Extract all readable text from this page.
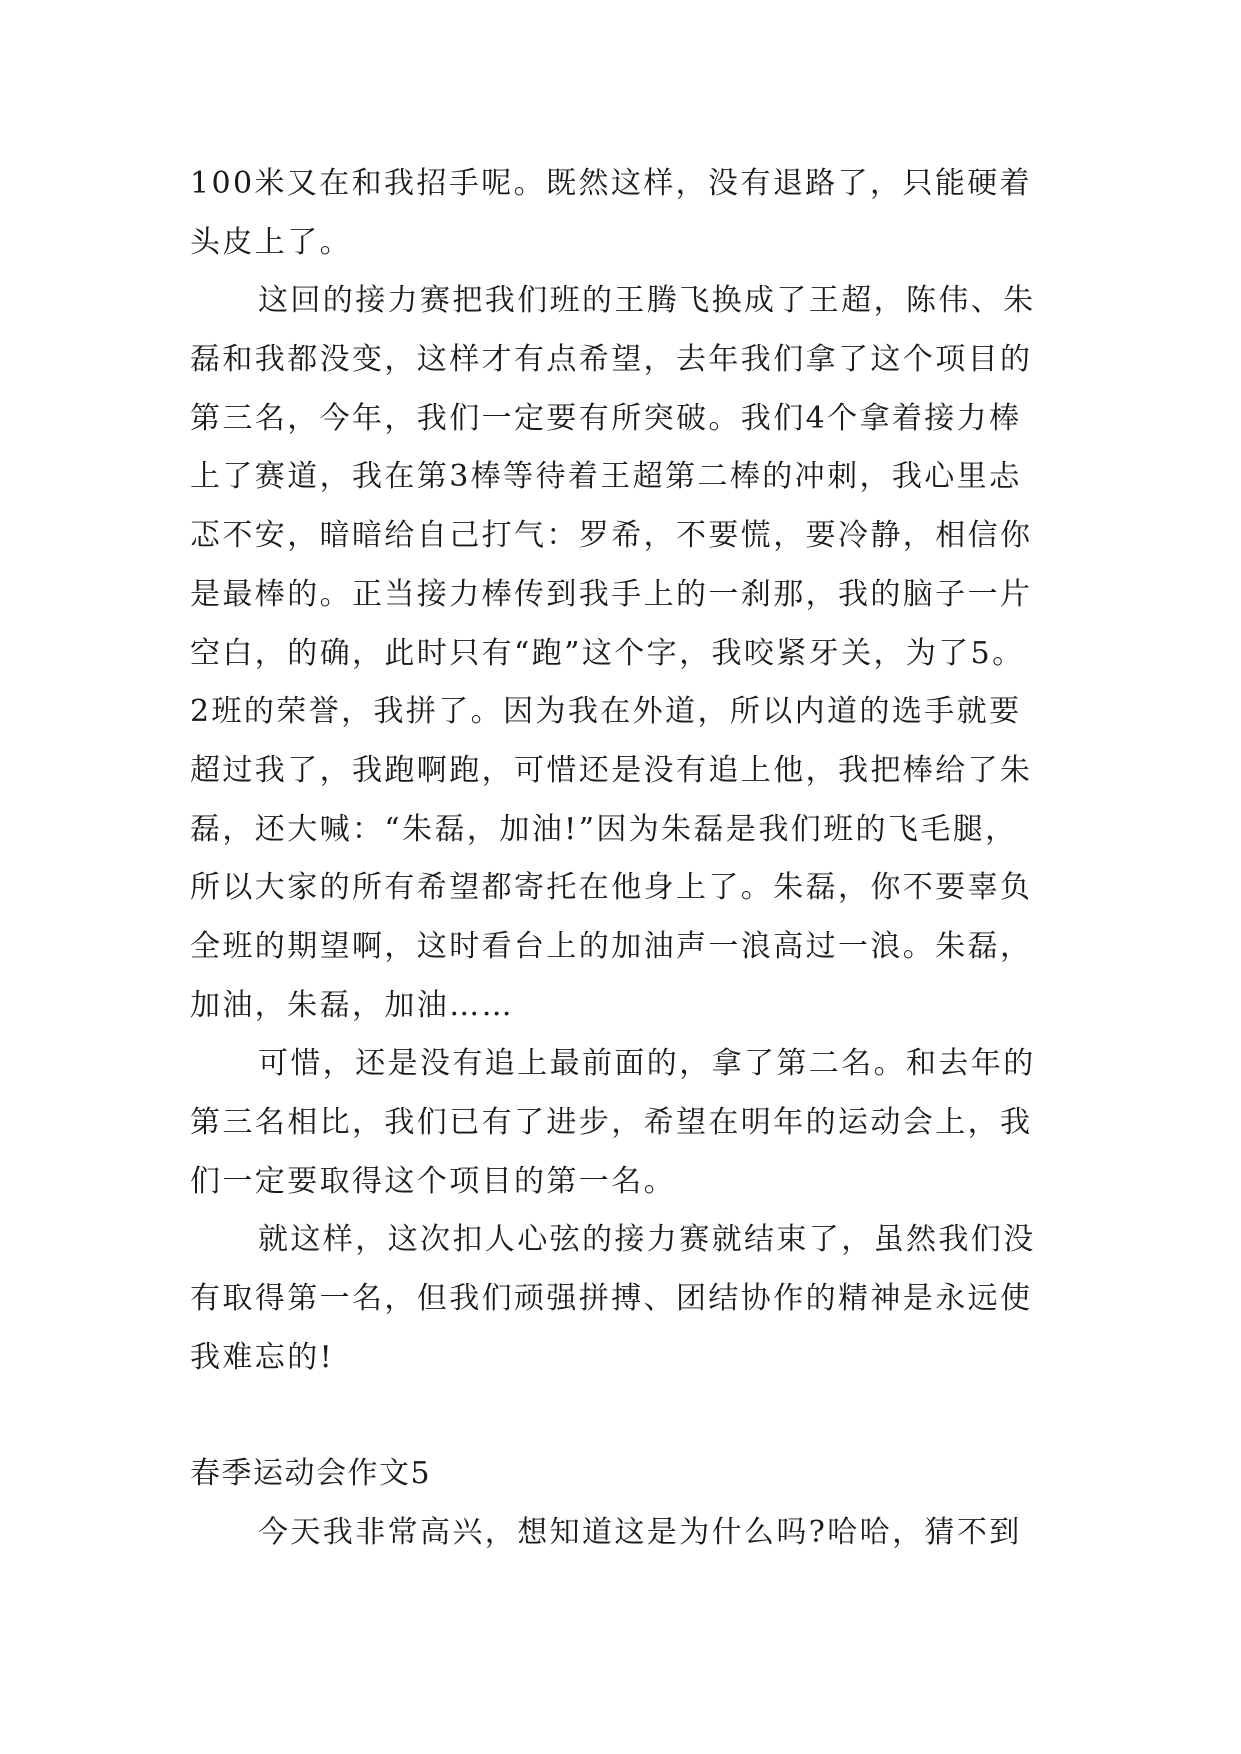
100米又在和我招手呢。既然这样，没有退路了，只能硬着
头皮上了。
这回的接力赛把我们班的王腾飞换成了王超，陈伟、朱
磊和我都没变，这样才有点希望，去年我们拿了这个项目的
第三名，今年，我们一定要有所突破。我们4个拿着接力棒
上了赛道，我在第3棒等待着王超第二棒的冲刺，我心里忐
忑不安，暗暗给自己打气：罗希，不要慌，要冷静，相信你
是最棒的。正当接力棒传到我手上的一刹那，我的脑子一片
空白，的确，此时只有“跑”这个字，我咬紧牙关，为了5。
2班的荣誉，我拼了。因为我在外道，所以内道的选手就要
超过我了，我跑啊跑，可惜还是没有追上他，我把棒给了朱
磊，还大喊：“朱磊，加油!”因为朱磊是我们班的飞毛腿，
所以大家的所有希望都寄托在他身上了。朱磊，你不要辜负
全班的期望啊，这时看台上的加油声一浪高过一浪。朱磊，
加油，朱磊，加油……
可惜，还是没有追上最前面的，拿了第二名。和去年的
第三名相比，我们已有了进步，希望在明年的运动会上，我
们一定要取得这个项目的第一名。
就这样，这次扣人心弦的接力赛就结束了，虽然我们没
有取得第一名，但我们顽强拼搏、团结协作的精神是永远使
我难忘的!
春季运动会作文5
今天我非常高兴，想知道这是为什么吗?哈哈，猜不到
